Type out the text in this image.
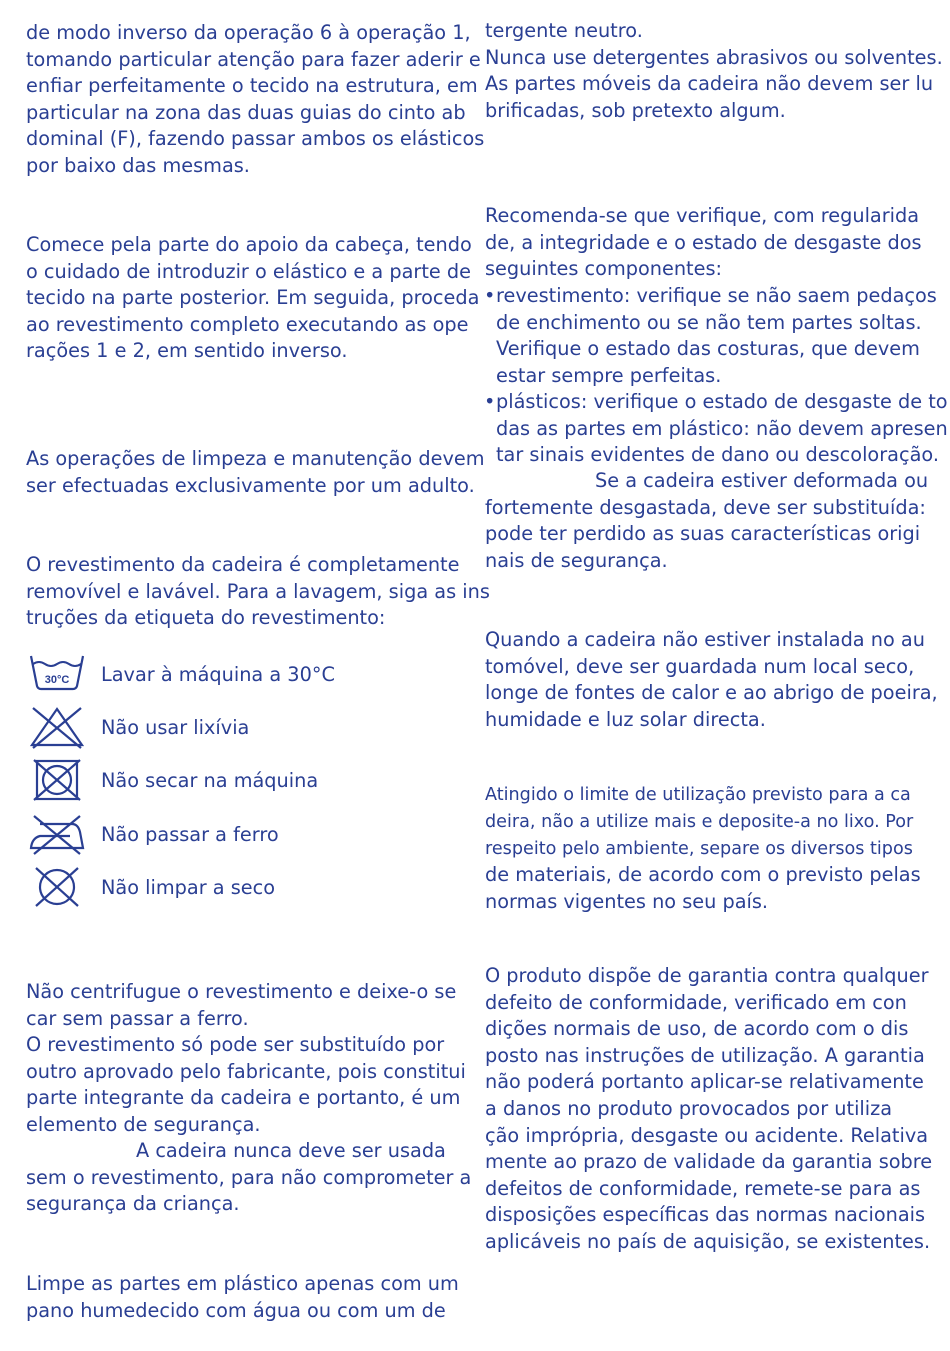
de modo inverso da operação 6 à operação 1,
tomando particular atenção para fazer aderir e
enfiar perfeitamente o tecido na estrutura, em
particular na zona das duas guias do cinto ab
dominal (F), fazendo passar ambos os elásticos
por baixo das mesmas.
Comece pela parte do apoio da cabeça, tendo
o cuidado de introduzir o elástico e a parte de
tecido na parte posterior. Em seguida, proceda
ao revestimento completo executando as ope
rações 1 e 2, em sentido inverso.
As operações de limpeza e manutenção devem
ser efectuadas exclusivamente por um adulto.
O revestimento da cadeira é completamente
removível e lavável. Para a lavagem, siga as ins
truções da etiqueta do revestimento:
30°C Lavar à máquina a 30°C
Não usar lixívia
Não secar na máquina
Não passar a ferro
Não limpar a seco
Não centrifugue o revestimento e deixe-o se
car sem passar a ferro.
O revestimento só pode ser substituído por
outro aprovado pelo fabricante, pois constitui
parte integrante da cadeira e portanto, é um
elemento de segurança.
A cadeira nunca deve ser usada
sem o revestimento, para não comprometer a
segurança da criança.
Limpe as partes em plástico apenas com um
pano humedecido com água ou com um de
tergente neutro.
Nunca use detergentes abrasivos ou solventes.
As partes móveis da cadeira não devem ser lu
brificadas, sob pretexto algum.
Recomenda-se que verifique, com regularida
de, a integridade e o estado de desgaste dos
seguintes componentes:
• revestimento: verifique se não saem pedaços
de enchimento ou se não tem partes soltas.
Verifique o estado das costuras, que devem
estar sempre perfeitas.
• plásticos: verifique o estado de desgaste de to
das as partes em plástico: não devem apresen
tar sinais evidentes de dano ou descoloração.
Se a cadeira estiver deformada ou
fortemente desgastada, deve ser substituída:
pode ter perdido as suas características origi
nais de segurança.
Quando a cadeira não estiver instalada no au
tomóvel, deve ser guardada num local seco,
longe de fontes de calor e ao abrigo de poeira,
humidade e luz solar directa.
Atingido o limite de utilização previsto para a ca
deira, não a utilize mais e deposite-a no lixo. Por
respeito pelo ambiente, separe os diversos tipos
de materiais, de acordo com o previsto pelas
normas vigentes no seu país.
O produto dispõe de garantia contra qualquer
defeito de conformidade, verificado em con
dições normais de uso, de acordo com o dis
posto nas instruções de utilização. A garantia
não poderá portanto aplicar-se relativamente
a danos no produto provocados por utiliza
ção imprópria, desgaste ou acidente. Relativa
mente ao prazo de validade da garantia sobre
defeitos de conformidade, remete-se para as
disposições específicas das normas nacionais
aplicáveis no país de aquisição, se existentes.
